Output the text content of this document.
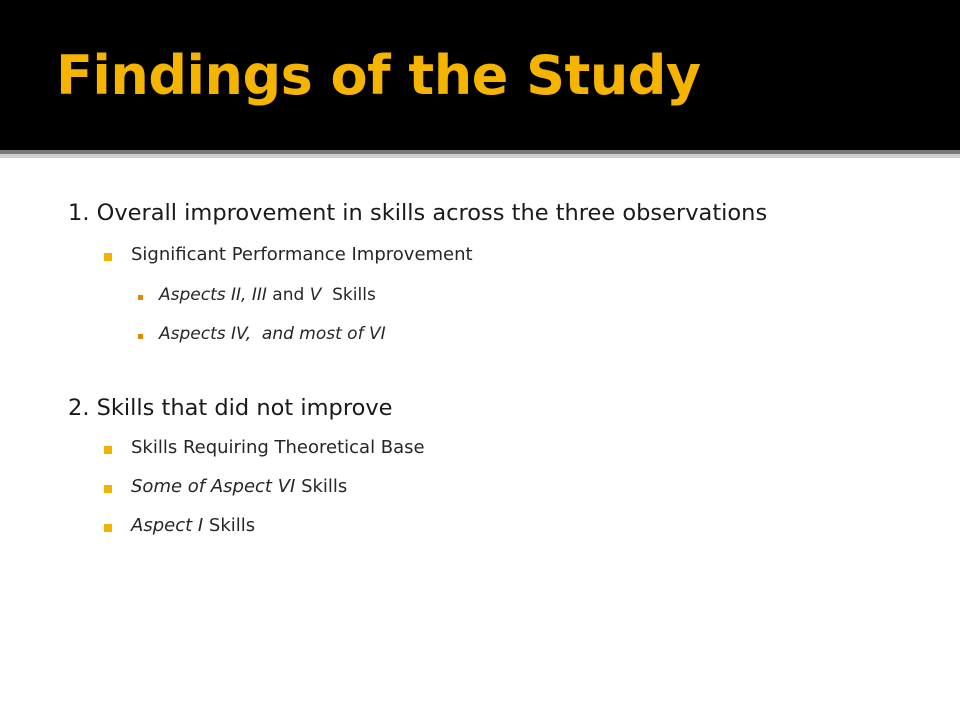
Findings of the Study
1. Overall improvement in skills across the three observations
Significant Performance Improvement
Aspects II, III and V  Skills
Aspects IV,  and most of VI
2. Skills that did not improve
Skills Requiring Theoretical Base
Some of Aspect VI Skills
Aspect I Skills
